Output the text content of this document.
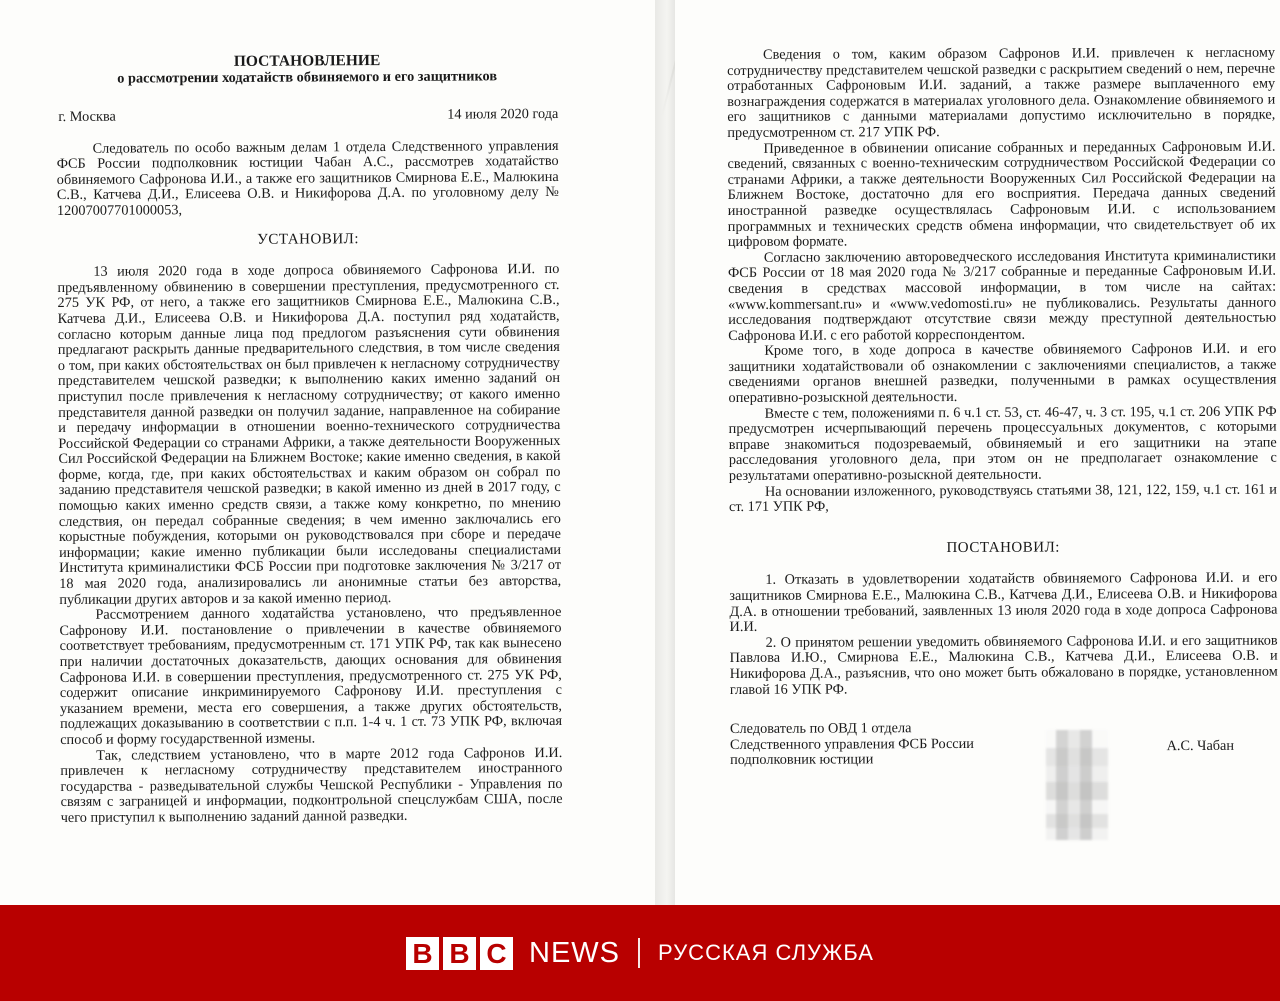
ПОСТАНОВЛЕНИЕ

о рассмотрении ходатайств обвиняемого и его защитников

г. Москва	14 июля 2020 года

Следователь по особо важным делам 1 отдела Следственного управления ФСБ России подполковник юстиции Чабан А.С., рассмотрев ходатайство обвиняемого Сафронова И.И., а также его защитников Смирнова Е.Е., Малюкина С.В., Катчева Д.И., Елисеева О.В. и Никифорова Д.А. по уголовному делу № 12007007701000053,

УСТАНОВИЛ:

13 июля 2020 года в ходе допроса обвиняемого Сафронова И.И. по предъявленному обвинению в совершении преступления, предусмотренного ст. 275 УК РФ, от него, а также его защитников Смирнова Е.Е., Малюкина С.В., Катчева Д.И., Елисеева О.В. и Никифорова Д.А. поступил ряд ходатайств, согласно которым данные лица под предлогом разъяснения сути обвинения предлагают раскрыть данные предварительного следствия, в том числе сведения о том, при каких обстоятельствах он был привлечен к негласному сотрудничеству представителем чешской разведки; к выполнению каких именно заданий он приступил после привлечения к негласному сотрудничеству; от какого именно представителя данной разведки он получил задание, направленное на собирание и передачу информации в отношении военно-технического сотрудничества Российской Федерации со странами Африки, а также деятельности Вооруженных Сил Российской Федерации на Ближнем Востоке; какие именно сведения, в какой форме, когда, где, при каких обстоятельствах и каким образом он собрал по заданию представителя чешской разведки; в какой именно из дней в 2017 году, с помощью каких именно средств связи, а также кому конкретно, по мнению следствия, он передал собранные сведения; в чем именно заключались его корыстные побуждения, которыми он руководствовался при сборе и передаче информации; какие именно публикации были исследованы специалистами Института криминалистики ФСБ России при подготовке заключения № 3/217 от 18 мая 2020 года, анализировались ли анонимные статьи без авторства, публикации других авторов и за какой именно период.

Рассмотрением данного ходатайства установлено, что предъявленное Сафронову И.И. постановление о привлечении в качестве обвиняемого соответствует требованиям, предусмотренным ст. 171 УПК РФ, так как вынесено при наличии достаточных доказательств, дающих основания для обвинения Сафронова И.И. в совершении преступления, предусмотренного ст. 275 УК РФ, содержит описание инкриминируемого Сафронову И.И. преступления с указанием времени, места его совершения, а также других обстоятельств, подлежащих доказыванию в соответствии с п.п. 1-4 ч. 1 ст. 73 УПК РФ, включая способ и форму государственной измены.

Так, следствием установлено, что в марте 2012 года Сафронов И.И. привлечен к негласному сотрудничеству представителем иностранного государства - разведывательной службы Чешской Республики - Управления по связям с заграницей и информации, подконтрольной спецслужбам США, после чего приступил к выполнению заданий данной разведки.

Сведения о том, каким образом Сафронов И.И. привлечен к негласному сотрудничеству представителем чешской разведки с раскрытием сведений о нем, перечне отработанных Сафроновым И.И. заданий, а также размере выплаченного ему вознаграждения содержатся в материалах уголовного дела. Ознакомление обвиняемого и его защитников с данными материалами допустимо исключительно в порядке, предусмотренном ст. 217 УПК РФ.

Приведенное в обвинении описание собранных и переданных Сафроновым И.И. сведений, связанных с военно-техническим сотрудничеством Российской Федерации со странами Африки, а также деятельности Вооруженных Сил Российской Федерации на Ближнем Востоке, достаточно для его восприятия. Передача данных сведений иностранной разведке осуществлялась Сафроновым И.И. с использованием программных и технических средств обмена информации, что свидетельствует об их цифровом формате.

Согласно заключению автороведческого исследования Института криминалистики ФСБ России от 18 мая 2020 года № 3/217 собранные и переданные Сафроновым И.И. сведения в средствах массовой информации, в том числе на сайтах: «www.kommersant.ru» и «www.vedomosti.ru» не публиковались. Результаты данного исследования подтверждают отсутствие связи между преступной деятельностью Сафронова И.И. с его работой корреспондентом.

Кроме того, в ходе допроса в качестве обвиняемого Сафронов И.И. и его защитники ходатайствовали об ознакомлении с заключениями специалистов, а также сведениями органов внешней разведки, полученными в рамках осуществления оперативно-розыскной деятельности.

Вместе с тем, положениями п. 6 ч.1 ст. 53, ст. 46-47, ч. 3 ст. 195, ч.1 ст. 206 УПК РФ предусмотрен исчерпывающий перечень процессуальных документов, с которыми вправе знакомиться подозреваемый, обвиняемый и его защитники на этапе расследования уголовного дела, при этом он не предполагает ознакомление с результатами оперативно-розыскной деятельности.

На основании изложенного, руководствуясь статьями 38, 121, 122, 159, ч.1 ст. 161 и ст. 171 УПК РФ,

ПОСТАНОВИЛ:

1. Отказать в удовлетворении ходатайств обвиняемого Сафронова И.И. и его защитников Смирнова Е.Е., Малюкина С.В., Катчева Д.И., Елисеева О.В. и Никифорова Д.А. в отношении требований, заявленных 13 июля 2020 года в ходе допроса Сафронова И.И.

2. О принятом решении уведомить обвиняемого Сафронова И.И. и его защитников Павлова И.Ю., Смирнова Е.Е., Малюкина С.В., Катчева Д.И., Елисеева О.В. и Никифорова Д.А., разъяснив, что оно может быть обжаловано в порядке, установленном главой 16 УПК РФ.

Следователь по ОВД 1 отдела

Следственного управления ФСБ России

подполковник юстиции

А.С. Чабан
B B C NEWS РУССКАЯ СЛУЖБА
